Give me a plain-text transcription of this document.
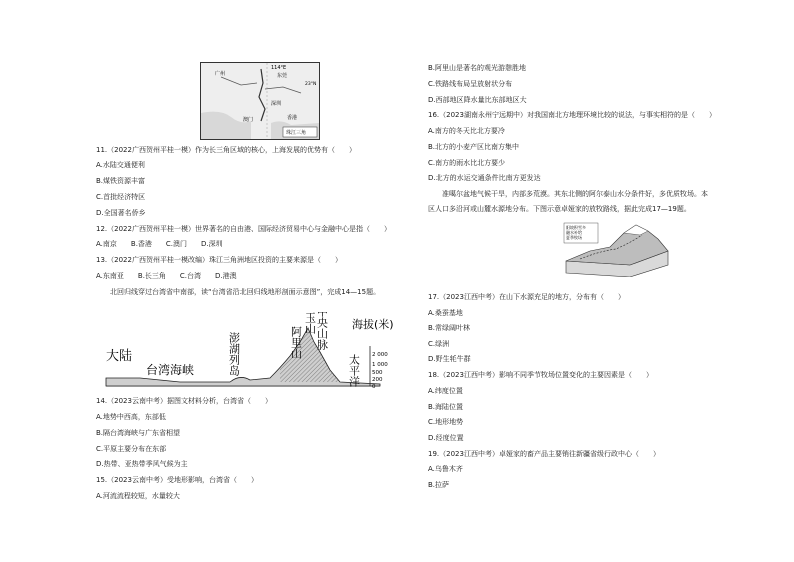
114°E
23°N
广州	东莞
深圳
香港
澳门
珠江三角
11.（2022广西贺州平桂一模）作为长三角区域的核心，上海发展的优势有（　　）
A.水陆交通便利
B.煤铁资源丰富
C.首批经济特区
D.全国著名侨乡
12.（2022广西贺州平桂一模）世界著名的自由港、国际经济贸易中心与金融中心是指（　　）
A.南京　　B.香港　　C.澳门　　D.深圳
13.（2022广西贺州平桂一模改编）珠江三角洲地区投资的主要来源是（　　）
A.东南亚　　B.长三角　　C.台湾　　D.港澳
北回归线穿过台湾省中南部，读“台湾省沿北回归线地形剖面示意图”，完成14—15题。
大陆
台湾海峡	澎湖列岛	阿里山
玉山 中央山脉 海拔(米)
太平洋 2 000
1 000
500
200
0
14.（2023云南中考）据图文材料分析，台湾省（　　）
A.地势中西高，东部低
B.隔台湾海峡与广东省相望
C.平原主要分布在东部
D.热带、亚热带季风气候为主
15.（2023云南中考）受地形影响，台湾省（　　）
A.河流流程较短，水量较大
B.阿里山是著名的观光游憩胜地
C.铁路线布局呈放射状分布
D.西部地区降水量比东部地区大
16.（2023湖南永州宁远期中）对我国南北方地理环境比较的说法，与事实相符的是（　　）
A.南方的冬天比北方要冷
B.北方的小麦产区比南方集中
C.南方的雨水比北方要少
D.北方的水运交通条件比南方更发达
准噶尔盆地气候干旱，内部多荒漠。其东北侧的阿尔泰山水分条件好，多优质牧场。本
区人口多沿河或山麓水源地分布。下图示意卓娅家的放牧路线，据此完成17—19题。
阳坡积雪多
融水补给
夏季牧场
17.（2023江西中考）在山下水源充足的地方，分布有（　　）
A.桑蚕基地
B.常绿阔叶林
C.绿洲
D.野生牦牛群
18.（2023江西中考）影响不同季节牧场位置变化的主要因素是（　　）
A.纬度位置
B.海陆位置
C.地形地势
D.经度位置
19.（2023江西中考）卓娅家的畜产品主要销往新疆省级行政中心（　　）
A.乌鲁木齐
B.拉萨
